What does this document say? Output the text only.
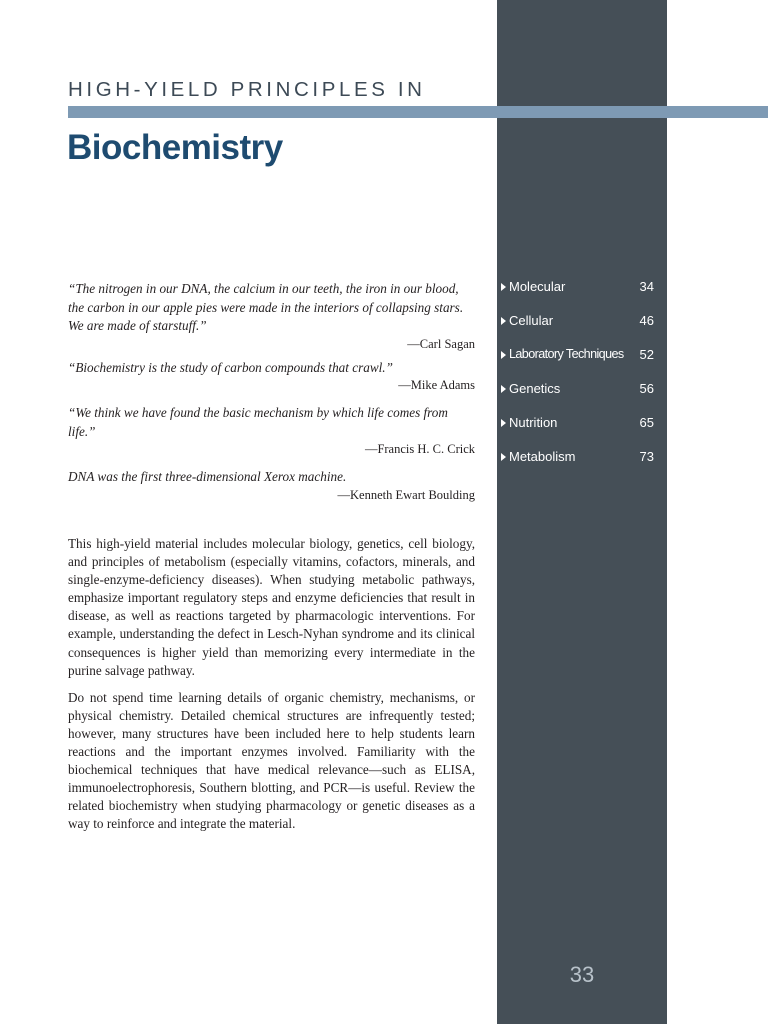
HIGH-YIELD PRINCIPLES IN
Biochemistry
“The nitrogen in our DNA, the calcium in our teeth, the iron in our blood, the carbon in our apple pies were made in the interiors of collapsing stars. We are made of starstuff.”
—Carl Sagan
“Biochemistry is the study of carbon compounds that crawl.”
—Mike Adams
“We think we have found the basic mechanism by which life comes from life.”
—Francis H. C. Crick
DNA was the first three-dimensional Xerox machine.
—Kenneth Ewart Boulding

This high-yield material includes molecular biology, genetics, cell biology, and principles of metabolism (especially vitamins, cofactors, minerals, and single-enzyme-deficiency diseases). When studying metabolic pathways, emphasize important regulatory steps and enzyme deficiencies that result in disease, as well as reactions targeted by pharmacologic interventions. For example, understanding the defect in Lesch-Nyhan syndrome and its clinical consequences is higher yield than memorizing every intermediate in the purine salvage pathway.

Do not spend time learning details of organic chemistry, mechanisms, or physical chemistry. Detailed chemical structures are infrequently tested; however, many structures have been included here to help students learn reactions and the important enzymes involved. Familiarity with the biochemical techniques that have medical relevance—such as ELISA, immunoelectrophoresis, Southern blotting, and PCR—is useful. Review the related biochemistry when studying pharmacology or genetic diseases as a way to reinforce and integrate the material.

Molecular	34
Cellular	46
Laboratory Techniques 52
Genetics	56
Nutrition	65
Metabolism	73
33
